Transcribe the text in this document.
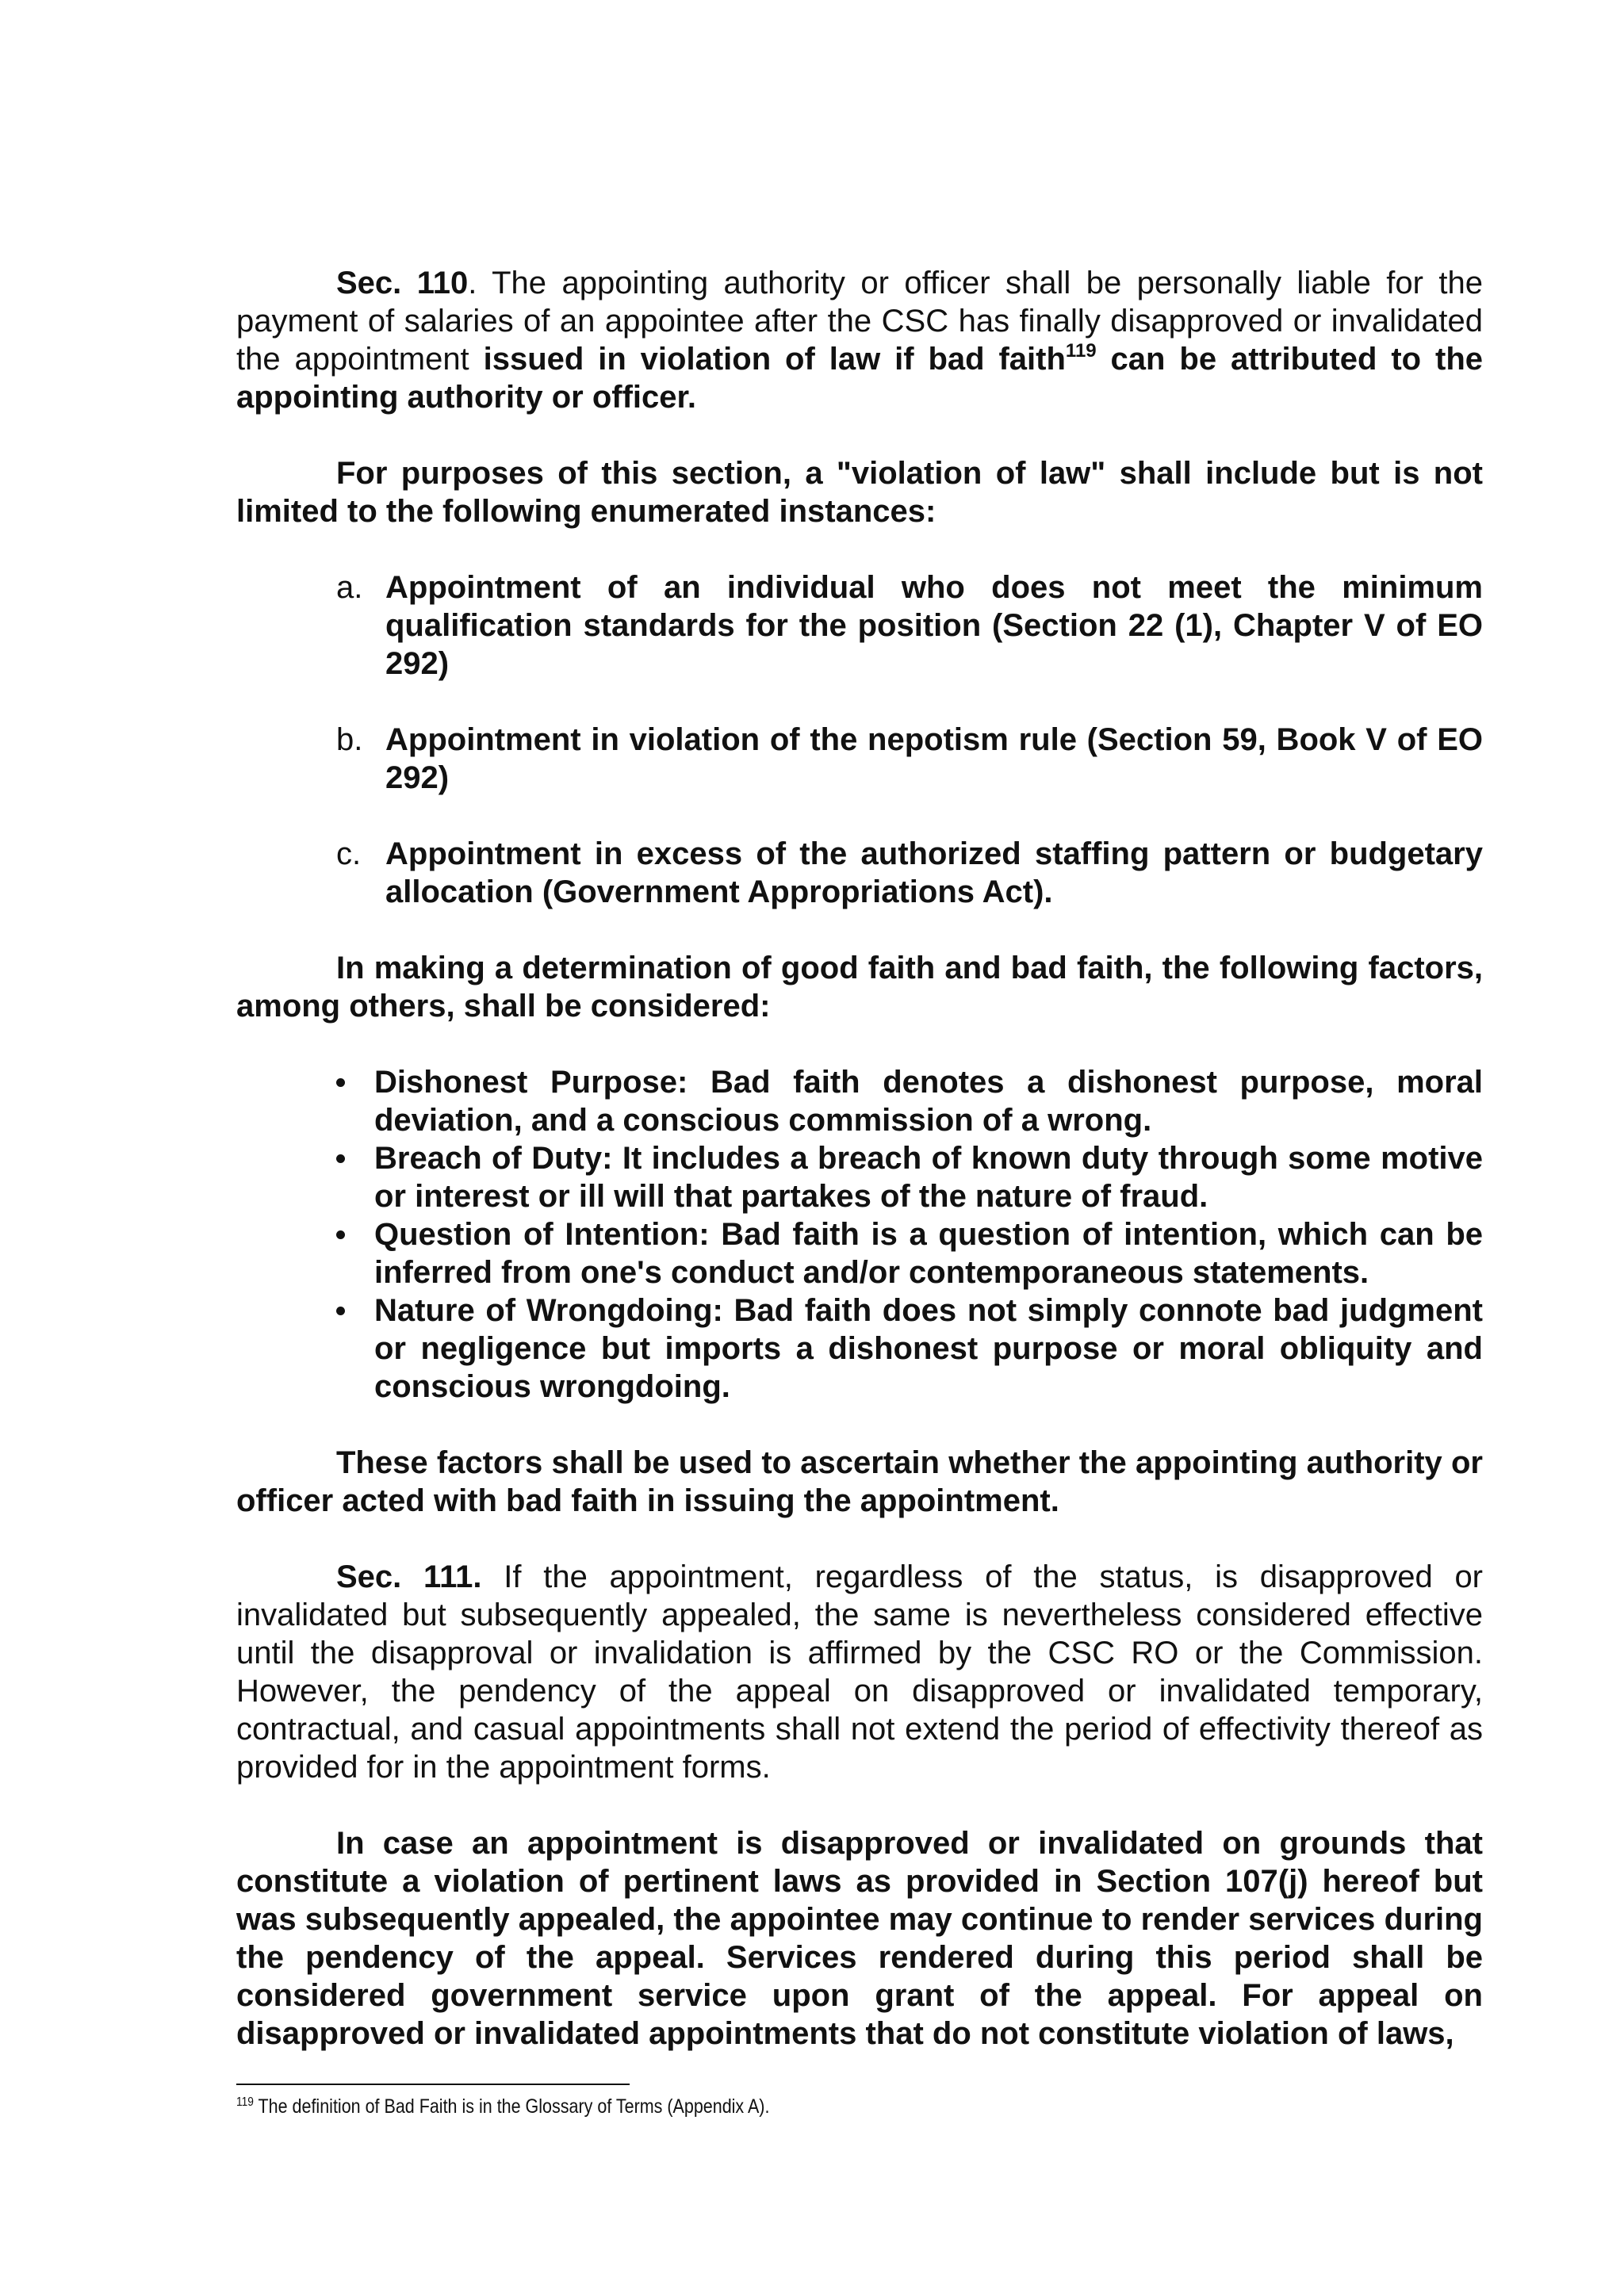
Sec. 110. The appointing authority or officer shall be personally liable for the payment of salaries of an appointee after the CSC has finally disapproved or invalidated the appointment issued in violation of law if bad faith$^{119}$ can be attributed to the appointing authority or officer.

For purposes of this section, a "violation of law" shall include but is not limited to the following enumerated instances:

a. Appointment of an individual who does not meet the minimum qualification standards for the position (Section 22 (1), Chapter V of EO 292)
b. Appointment in violation of the nepotism rule (Section 59, Book V of EO 292)
c. Appointment in excess of the authorized staffing pattern or budgetary allocation (Government Appropriations Act).

In making a determination of good faith and bad faith, the following factors, among others, shall be considered:

Dishonest Purpose: Bad faith denotes a dishonest purpose, moral deviation, and a conscious commission of a wrong.
Breach of Duty: It includes a breach of known duty through some motive or interest or ill will that partakes of the nature of fraud.
Question of Intention: Bad faith is a question of intention, which can be inferred from one's conduct and/or contemporaneous statements.
Nature of Wrongdoing: Bad faith does not simply connote bad judgment or negligence but imports a dishonest purpose or moral obliquity and conscious wrongdoing.

These factors shall be used to ascertain whether the appointing authority or officer acted with bad faith in issuing the appointment.

Sec. 111. If the appointment, regardless of the status, is disapproved or invalidated but subsequently appealed, the same is nevertheless considered effective until the disapproval or invalidation is affirmed by the CSC RO or the Commission. However, the pendency of the appeal on disapproved or invalidated temporary, contractual, and casual appointments shall not extend the period of effectivity thereof as provided for in the appointment forms.

In case an appointment is disapproved or invalidated on grounds that constitute a violation of pertinent laws as provided in Section 107(j) hereof but was subsequently appealed, the appointee may continue to render services during the pendency of the appeal. Services rendered during this period shall be considered government service upon grant of the appeal. For appeal on disapproved or invalidated appointments that do not constitute violation of laws,

$^{119}$ The definition of Bad Faith is in the Glossary of Terms (Appendix A).
